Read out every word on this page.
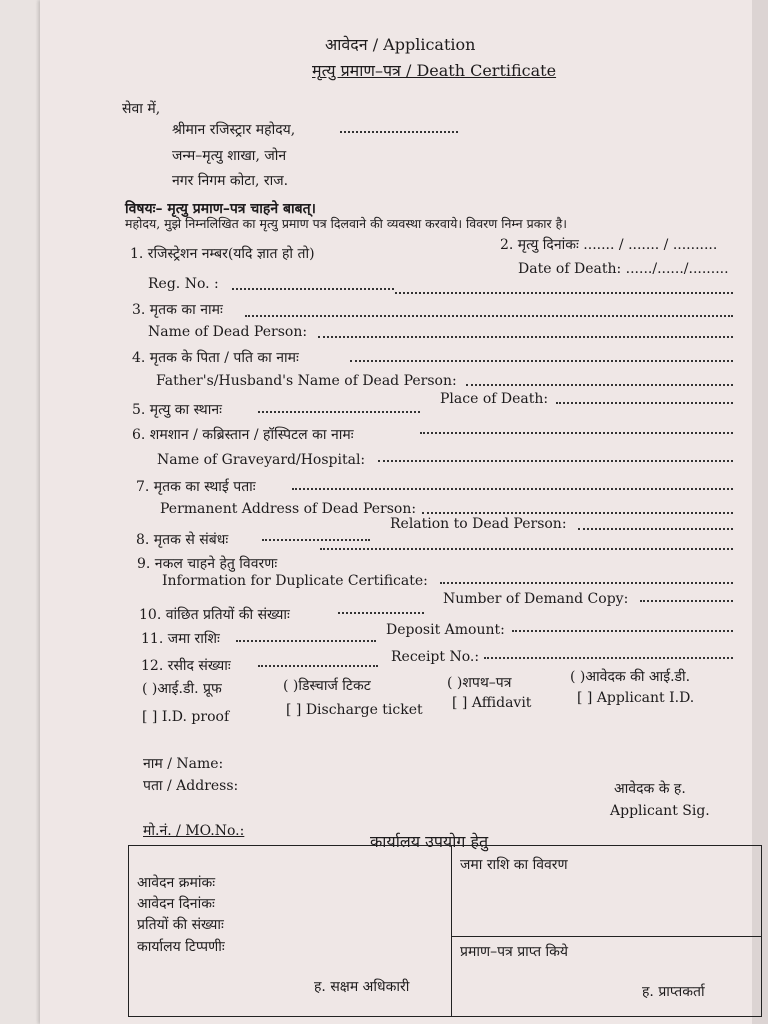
आवेदन / Application
मृत्यु प्रमाण–पत्र / Death Certificate
सेवा में,
श्रीमान रजिस्ट्रार महोदय,
जन्म–मृत्यु शाखा, जोन
नगर निगम कोटा, राज.
विषयः– मृत्यु प्रमाण–पत्र चाहने बाबत्।
महोदय, मुझे निम्नलिखित का मृत्यु प्रमाण पत्र दिलवाने की व्यवस्था करवाये। विवरण निम्न प्रकार है।
1. रजिस्ट्रेशन नम्बर(यदि ज्ञात हो तो)
2. मृत्यु दिनांकः ....... / ....... / ..........
Reg. No. :
Date of Death: ....../....../.........
3. मृतक का नामः
Name of Dead Person:
4. मृतक के पिता / पति का नामः
Father's/Husband's Name of Dead Person:
5. मृत्यु का स्थानः
Place of Death:
6. शमशान / कब्रिस्तान / हॉस्पिटल का नामः
Name of Graveyard/Hospital:
7. मृतक का स्थाई पताः
Permanent Address of Dead Person:
8. मृतक से संबंधः
Relation to Dead Person:
9. नकल चाहने हेतु विवरणः
Information for Duplicate Certificate:
10. वांछित प्रतियों की संख्याः
Number of Demand Copy:
11. जमा राशिः
Deposit Amount:
12. रसीद संख्याः
Receipt No.:
( )आई.डी. प्रूफ	( )डिस्चार्ज टिकट	( )शपथ–पत्र	( )आवेदक की आई.डी.
[ ] I.D. proof	[ ] Discharge ticket [ ] Affidavit	[ ] Applicant I.D.
नाम / Name:
पता / Address:	आवेदक के ह.
Applicant Sig.
मो.नं. / MO.No.:
कार्यालय उपयोग हेतु
आवेदन क्रमांकः
आवेदन दिनांकः
प्रतियों की संख्याः
कार्यालय टिप्पणीः
ह. सक्षम अधिकारी

जमा राशि का विवरण

प्रमाण–पत्र प्राप्त किये
ह. प्राप्तकर्ता
